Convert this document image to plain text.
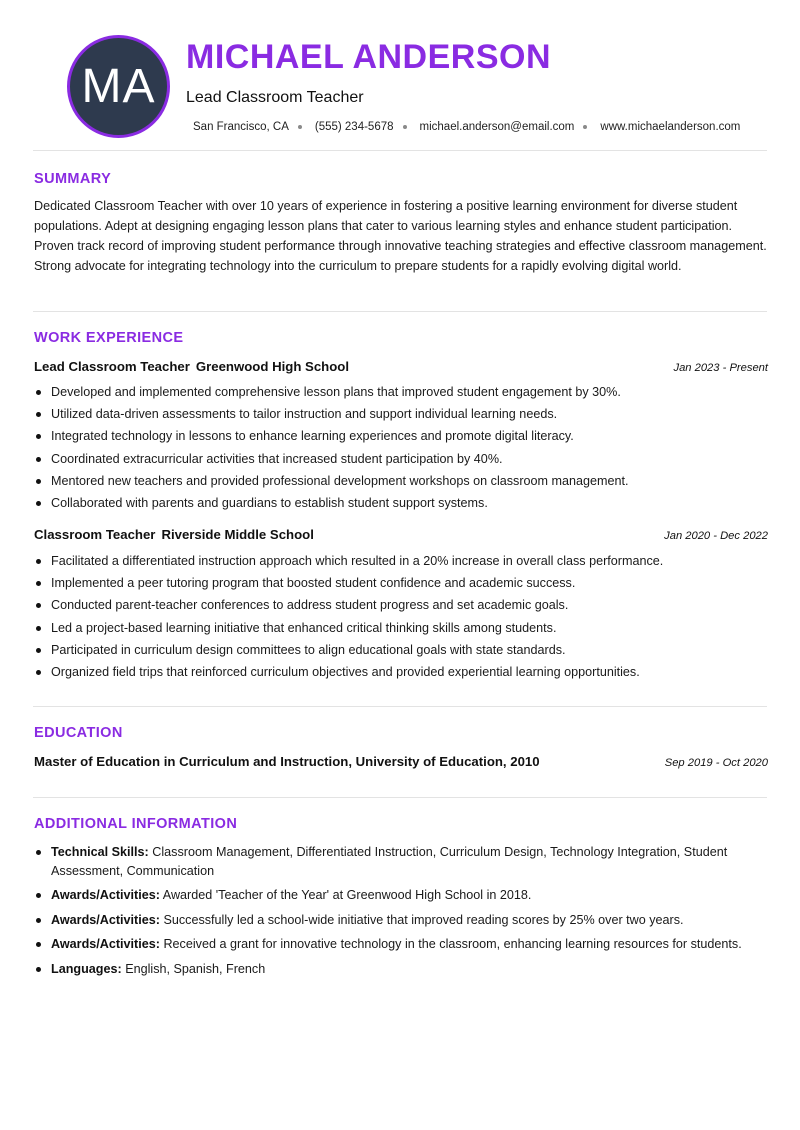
MA
MICHAEL ANDERSON
Lead Classroom Teacher
San Francisco, CA (555) 234-5678 michael.anderson@email.com www.michaelanderson.com
SUMMARY
Dedicated Classroom Teacher with over 10 years of experience in fostering a positive learning environment for diverse student populations. Adept at designing engaging lesson plans that cater to various learning styles and enhance student participation. Proven track record of improving student performance through innovative teaching strategies and effective classroom management. Strong advocate for integrating technology into the curriculum to prepare students for a rapidly evolving digital world.
WORK EXPERIENCE
Lead Classroom Teacher Greenwood High School	Jan 2023 - Present
Developed and implemented comprehensive lesson plans that improved student engagement by 30%.
Utilized data-driven assessments to tailor instruction and support individual learning needs.
Integrated technology in lessons to enhance learning experiences and promote digital literacy.
Coordinated extracurricular activities that increased student participation by 40%.
Mentored new teachers and provided professional development workshops on classroom management.
Collaborated with parents and guardians to establish student support systems.
Classroom Teacher Riverside Middle School	Jan 2020 - Dec 2022
Facilitated a differentiated instruction approach which resulted in a 20% increase in overall class performance.
Implemented a peer tutoring program that boosted student confidence and academic success.
Conducted parent-teacher conferences to address student progress and set academic goals.
Led a project-based learning initiative that enhanced critical thinking skills among students.
Participated in curriculum design committees to align educational goals with state standards.
Organized field trips that reinforced curriculum objectives and provided experiential learning opportunities.
EDUCATION
Master of Education in Curriculum and Instruction, University of Education, 2010	Sep 2019 - Oct 2020
ADDITIONAL INFORMATION
Technical Skills: Classroom Management, Differentiated Instruction, Curriculum Design, Technology Integration, Student Assessment, Communication
Awards/Activities: Awarded 'Teacher of the Year' at Greenwood High School in 2018.
Awards/Activities: Successfully led a school-wide initiative that improved reading scores by 25% over two years.
Awards/Activities: Received a grant for innovative technology in the classroom, enhancing learning resources for students.
Languages: English, Spanish, French
